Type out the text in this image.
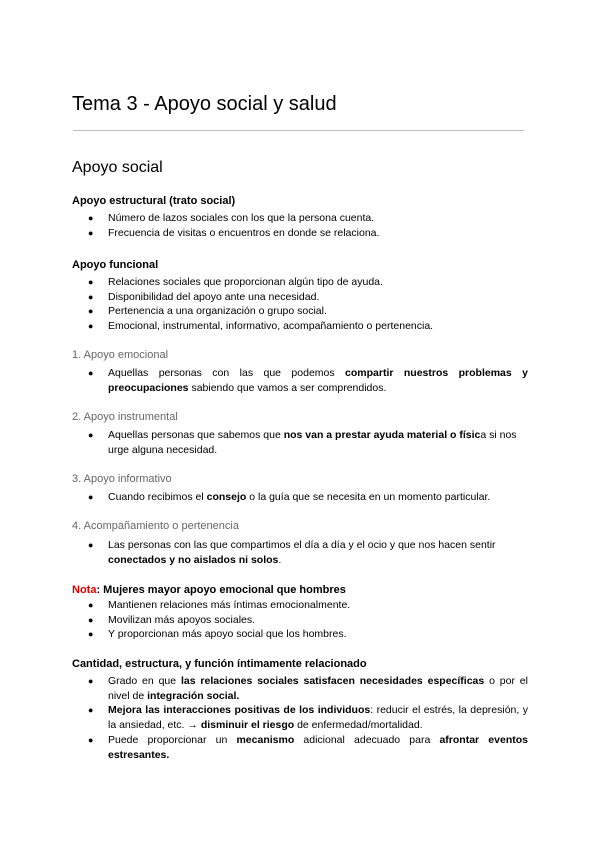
Tema 3 - Apoyo social y salud
Apoyo social

Apoyo estructural (trato social)

● Número de lazos sociales con los que la persona cuenta.
● Frecuencia de visitas o encuentros en donde se relaciona.

Apoyo funcional

● Relaciones sociales que proporcionan algún tipo de ayuda.
● Disponibilidad del apoyo ante una necesidad.
● Pertenencia a una organización o grupo social.
● Emocional, instrumental, informativo, acompañamiento o pertenencia.

1. Apoyo emocional

● Aquellas personas con las que podemos compartir nuestros problemas y preocupaciones sabiendo que vamos a ser comprendidos.

2. Apoyo instrumental

● Aquellas personas que sabemos que nos van a prestar ayuda material o física si nos urge alguna necesidad.

3. Apoyo informativo

● Cuando recibimos el consejo o la guía que se necesita en un momento particular.

4. Acompañamiento o pertenencia

● Las personas con las que compartimos el día a día y el ocio y que nos hacen sentir conectados y no aislados ni solos.

Nota: Mujeres mayor apoyo emocional que hombres

● Mantienen relaciones más íntimas emocionalmente.
● Movilizan más apoyos sociales.
● Y proporcionan más apoyo social que los hombres.

Cantidad, estructura, y función íntimamente relacionado

● Grado en que las relaciones sociales satisfacen necesidades específicas o por el nivel de integración social.
● Mejora las interacciones positivas de los individuos: reducir el estrés, la depresión, y la ansiedad, etc. → disminuir el riesgo de enfermedad/mortalidad.
● Puede proporcionar un mecanismo adicional adecuado para afrontar eventos estresantes.
